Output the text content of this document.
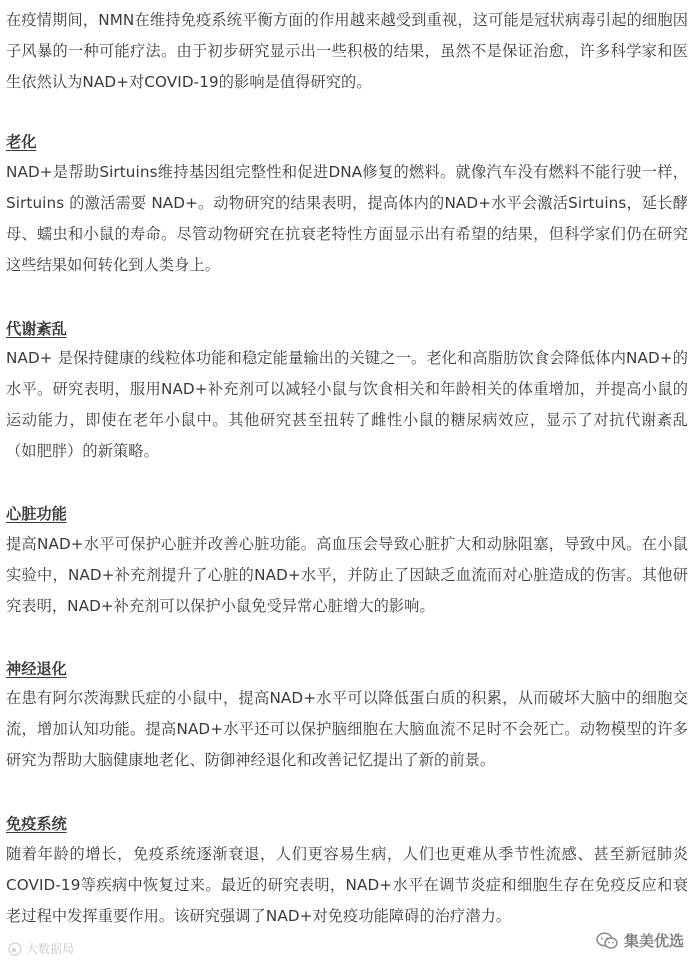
在疫情期间，NMN在维持免疫系统平衡方面的作用越来越受到重视，这可能是冠状病毒引起的细胞因子风暴的一种可能疗法。由于初步研究显示出一些积极的结果，虽然不是保证治愈，许多科学家和医生依然认为NAD+对COVID-19的影响是值得研究的。

老化

NAD+是帮助Sirtuins维持基因组完整性和促进DNA修复的燃料。就像汽车没有燃料不能行驶一样，Sirtuins 的激活需要 NAD+。动物研究的结果表明，提高体内的NAD+水平会激活Sirtuins，延长酵母、蠕虫和小鼠的寿命。尽管动物研究在抗衰老特性方面显示出有希望的结果，但科学家们仍在研究这些结果如何转化到人类身上。

代谢紊乱

NAD+ 是保持健康的线粒体功能和稳定能量输出的关键之一。老化和高脂肪饮食会降低体内NAD+的水平。研究表明，服用NAD+补充剂可以减轻小鼠与饮食相关和年龄相关的体重增加，并提高小鼠的运动能力，即使在老年小鼠中。其他研究甚至扭转了雌性小鼠的糖尿病效应，显示了对抗代谢紊乱（如肥胖）的新策略。

心脏功能

提高NAD+水平可保护心脏并改善心脏功能。高血压会导致心脏扩大和动脉阻塞，导致中风。在小鼠实验中，NAD+补充剂提升了心脏的NAD+水平，并防止了因缺乏血流而对心脏造成的伤害。其他研究表明，NAD+补充剂可以保护小鼠免受异常心脏增大的影响。

神经退化

在患有阿尔茨海默氏症的小鼠中，提高NAD+水平可以降低蛋白质的积累，从而破坏大脑中的细胞交流，增加认知功能。提高NAD+水平还可以保护脑细胞在大脑血流不足时不会死亡。动物模型的许多研究为帮助大脑健康地老化、防御神经退化和改善记忆提出了新的前景。

免疫系统

随着年龄的增长，免疫系统逐渐衰退，人们更容易生病，人们也更难从季节性流感、甚至新冠肺炎COVID-19等疾病中恢复过来。最近的研究表明，NAD+水平在调节炎症和细胞生存在免疫反应和衰老过程中发挥重要作用。该研究强调了NAD+对免疫功能障碍的治疗潜力。

大数据局	集美优选
